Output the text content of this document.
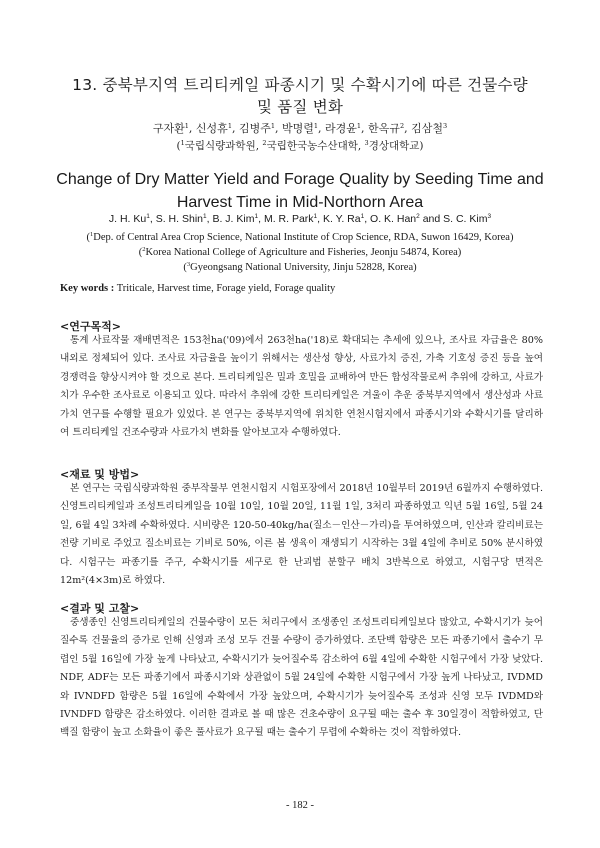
13. 중북부지역 트리티케일 파종시기 및 수확시기에 따른 건물수량
및 품질 변화
구자환$^1$, 신성휴$^1$, 김병주$^1$, 박명렬$^1$, 라경윤$^1$, 한옥규$^2$, 김삼철$^3$
($^1$국립식량과학원, $^2$국립한국농수산대학, $^3$경상대학교)
Change of Dry Matter Yield and Forage Quality by Seeding Time and
Harvest Time in Mid-Northorn Area
J. H. Ku$^1$, S. H. Shin$^1$, B. J. Kim$^1$, M. R. Park$^1$, K. Y. Ra$^1$, O. K. Han$^2$ and S. C. Kim$^3$
($^1$Dep. of Central Area Crop Science, National Institute of Crop Science, RDA, Suwon 16429, Korea)
($^2$Korea National College of Agriculture and Fisheries, Jeonju 54874, Korea)
($^3$Gyeongsang National University, Jinju 52828, Korea)
Key words : Triticale, Harvest time, Forage yield, Forage quality
<연구목적>

통계 사료작물 재배면적은 153천ha('09)에서 263천ha('18)로 확대되는 추세에 있으나, 조사료 자급율은 80% 내외로 정체되어 있다. 조사료 자급율을 높이기 위해서는 생산성 향상, 사료가치 증진, 가축 기호성 증진 등을 높여 경쟁력을 향상시켜야 할 것으로 본다. 트리티케일은 밀과 호밀을 교배하여 만든 합성작물로써 추위에 강하고, 사료가치가 우수한 조사료로 이용되고 있다. 따라서 추위에 강한 트리티케일은 겨울이 추운 중북부지역에서 생산성과 사료가치 연구를 수행할 필요가 있었다. 본 연구는 중북부지역에 위치한 연천시험지에서 파종시기와 수확시기를 달리하여 트리티케일 건조수량과 사료가치 변화를 알아보고자 수행하였다.

<재료 및 방법>

본 연구는 국립식량과학원 중부작물부 연천시험지 시험포장에서 2018년 10월부터 2019년 6월까지 수행하였다. 신영트리티케일과 조성트리티케일을 10월 10일, 10월 20일, 11월 1일, 3처리 파종하였고 익년 5월 16일, 5월 24일, 6월 4일 3차례 수확하였다. 시비량은 120-50-40kg/ha(질소－인산－가리)을 투여하였으며, 인산과 칼리비료는 전량 기비로 주었고 질소비료는 기비로 50%, 이른 봄 생육이 재생되기 시작하는 3월 4일에 추비로 50% 분시하였다. 시험구는 파종기를 주구, 수확시기를 세구로 한 난괴법 분할구 배치 3반복으로 하였고, 시험구당 면적은 12m²(4×3m)로 하였다.

<결과 및 고찰>

중생종인 신영트리티케일의 건물수량이 모든 처리구에서 조생종인 조성트리티케일보다 많았고, 수확시기가 늦어질수록 건물율의 증가로 인해 신영과 조성 모두 건물 수량이 증가하였다. 조단백 함량은 모든 파종기에서 출수기 무렵인 5월 16일에 가장 높게 나타났고, 수확시기가 늦어질수록 감소하여 6월 4일에 수확한 시험구에서 가장 낮았다. NDF, ADF는 모든 파종기에서 파종시기와 상관없이 5월 24일에 수확한 시험구에서 가장 높게 나타났고, IVDMD와 IVNDFD 함량은 5월 16일에 수확에서 가장 높았으며, 수확시기가 늦어질수록 조성과 신영 모두 IVDMD와 IVNDFD 함량은 감소하였다. 이러한 결과로 볼 때 많은 건초수량이 요구될 때는 출수 후 30일경이 적합하였고, 단백질 함량이 높고 소화율이 좋은 풀사료가 요구될 때는 출수기 무렵에 수확하는 것이 적합하였다.

- 182 -
